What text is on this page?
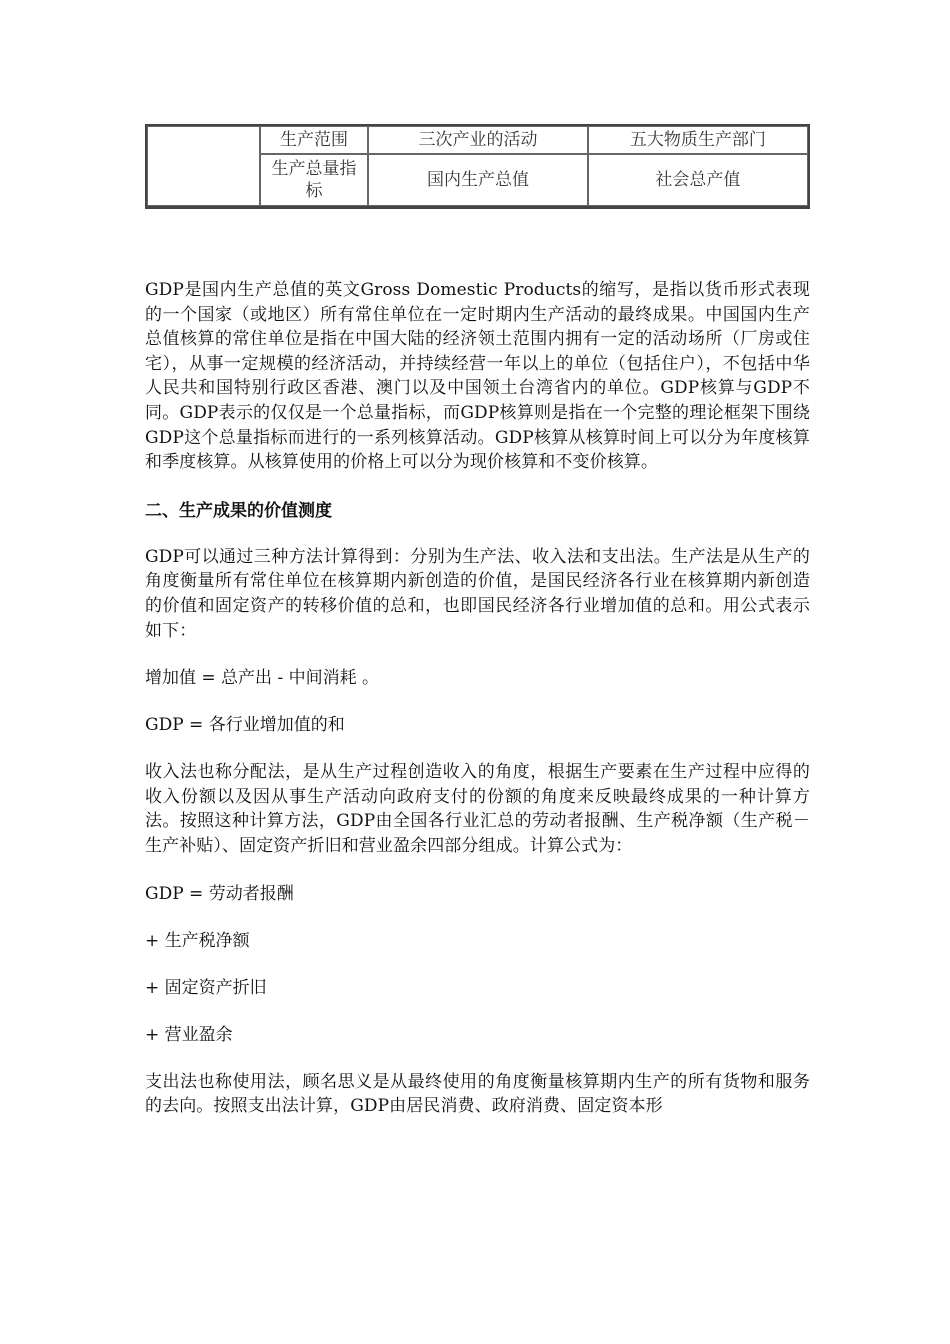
	生产范围	三次产业的活动	五大物质生产部门
	生产总量指标	国内生产总值	社会总产值

GDP是国内生产总值的英文Gross Domestic Products的缩写，是指以货币形式表现的一个国家（或地区）所有常住单位在一定时期内生产活动的最终成果。中国国内生产总值核算的常住单位是指在中国大陆的经济领土范围内拥有一定的活动场所（厂房或住宅），从事一定规模的经济活动，并持续经营一年以上的单位（包括住户），不包括中华人民共和国特别行政区香港、澳门以及中国领土台湾省内的单位。GDP核算与GDP不同。GDP表示的仅仅是一个总量指标，而GDP核算则是指在一个完整的理论框架下围绕GDP这个总量指标而进行的一系列核算活动。GDP核算从核算时间上可以分为年度核算和季度核算。从核算使用的价格上可以分为现价核算和不变价核算。

二、生产成果的价值测度

GDP可以通过三种方法计算得到：分别为生产法、收入法和支出法。生产法是从生产的角度衡量所有常住单位在核算期内新创造的价值，是国民经济各行业在核算期内新创造的价值和固定资产的转移价值的总和，也即国民经济各行业增加值的总和。用公式表示如下：

增加值 = 总产出 - 中间消耗 。

GDP = 各行业增加值的和

收入法也称分配法，是从生产过程创造收入的角度，根据生产要素在生产过程中应得的收入份额以及因从事生产活动向政府支付的份额的角度来反映最终成果的一种计算方法。按照这种计算方法，GDP由全国各行业汇总的劳动者报酬、生产税净额（生产税－生产补贴）、固定资产折旧和营业盈余四部分组成。计算公式为：

GDP = 劳动者报酬

+ 生产税净额

+ 固定资产折旧

+ 营业盈余

支出法也称使用法，顾名思义是从最终使用的角度衡量核算期内生产的所有货物和服务的去向。按照支出法计算，GDP由居民消费、政府消费、固定资本形
